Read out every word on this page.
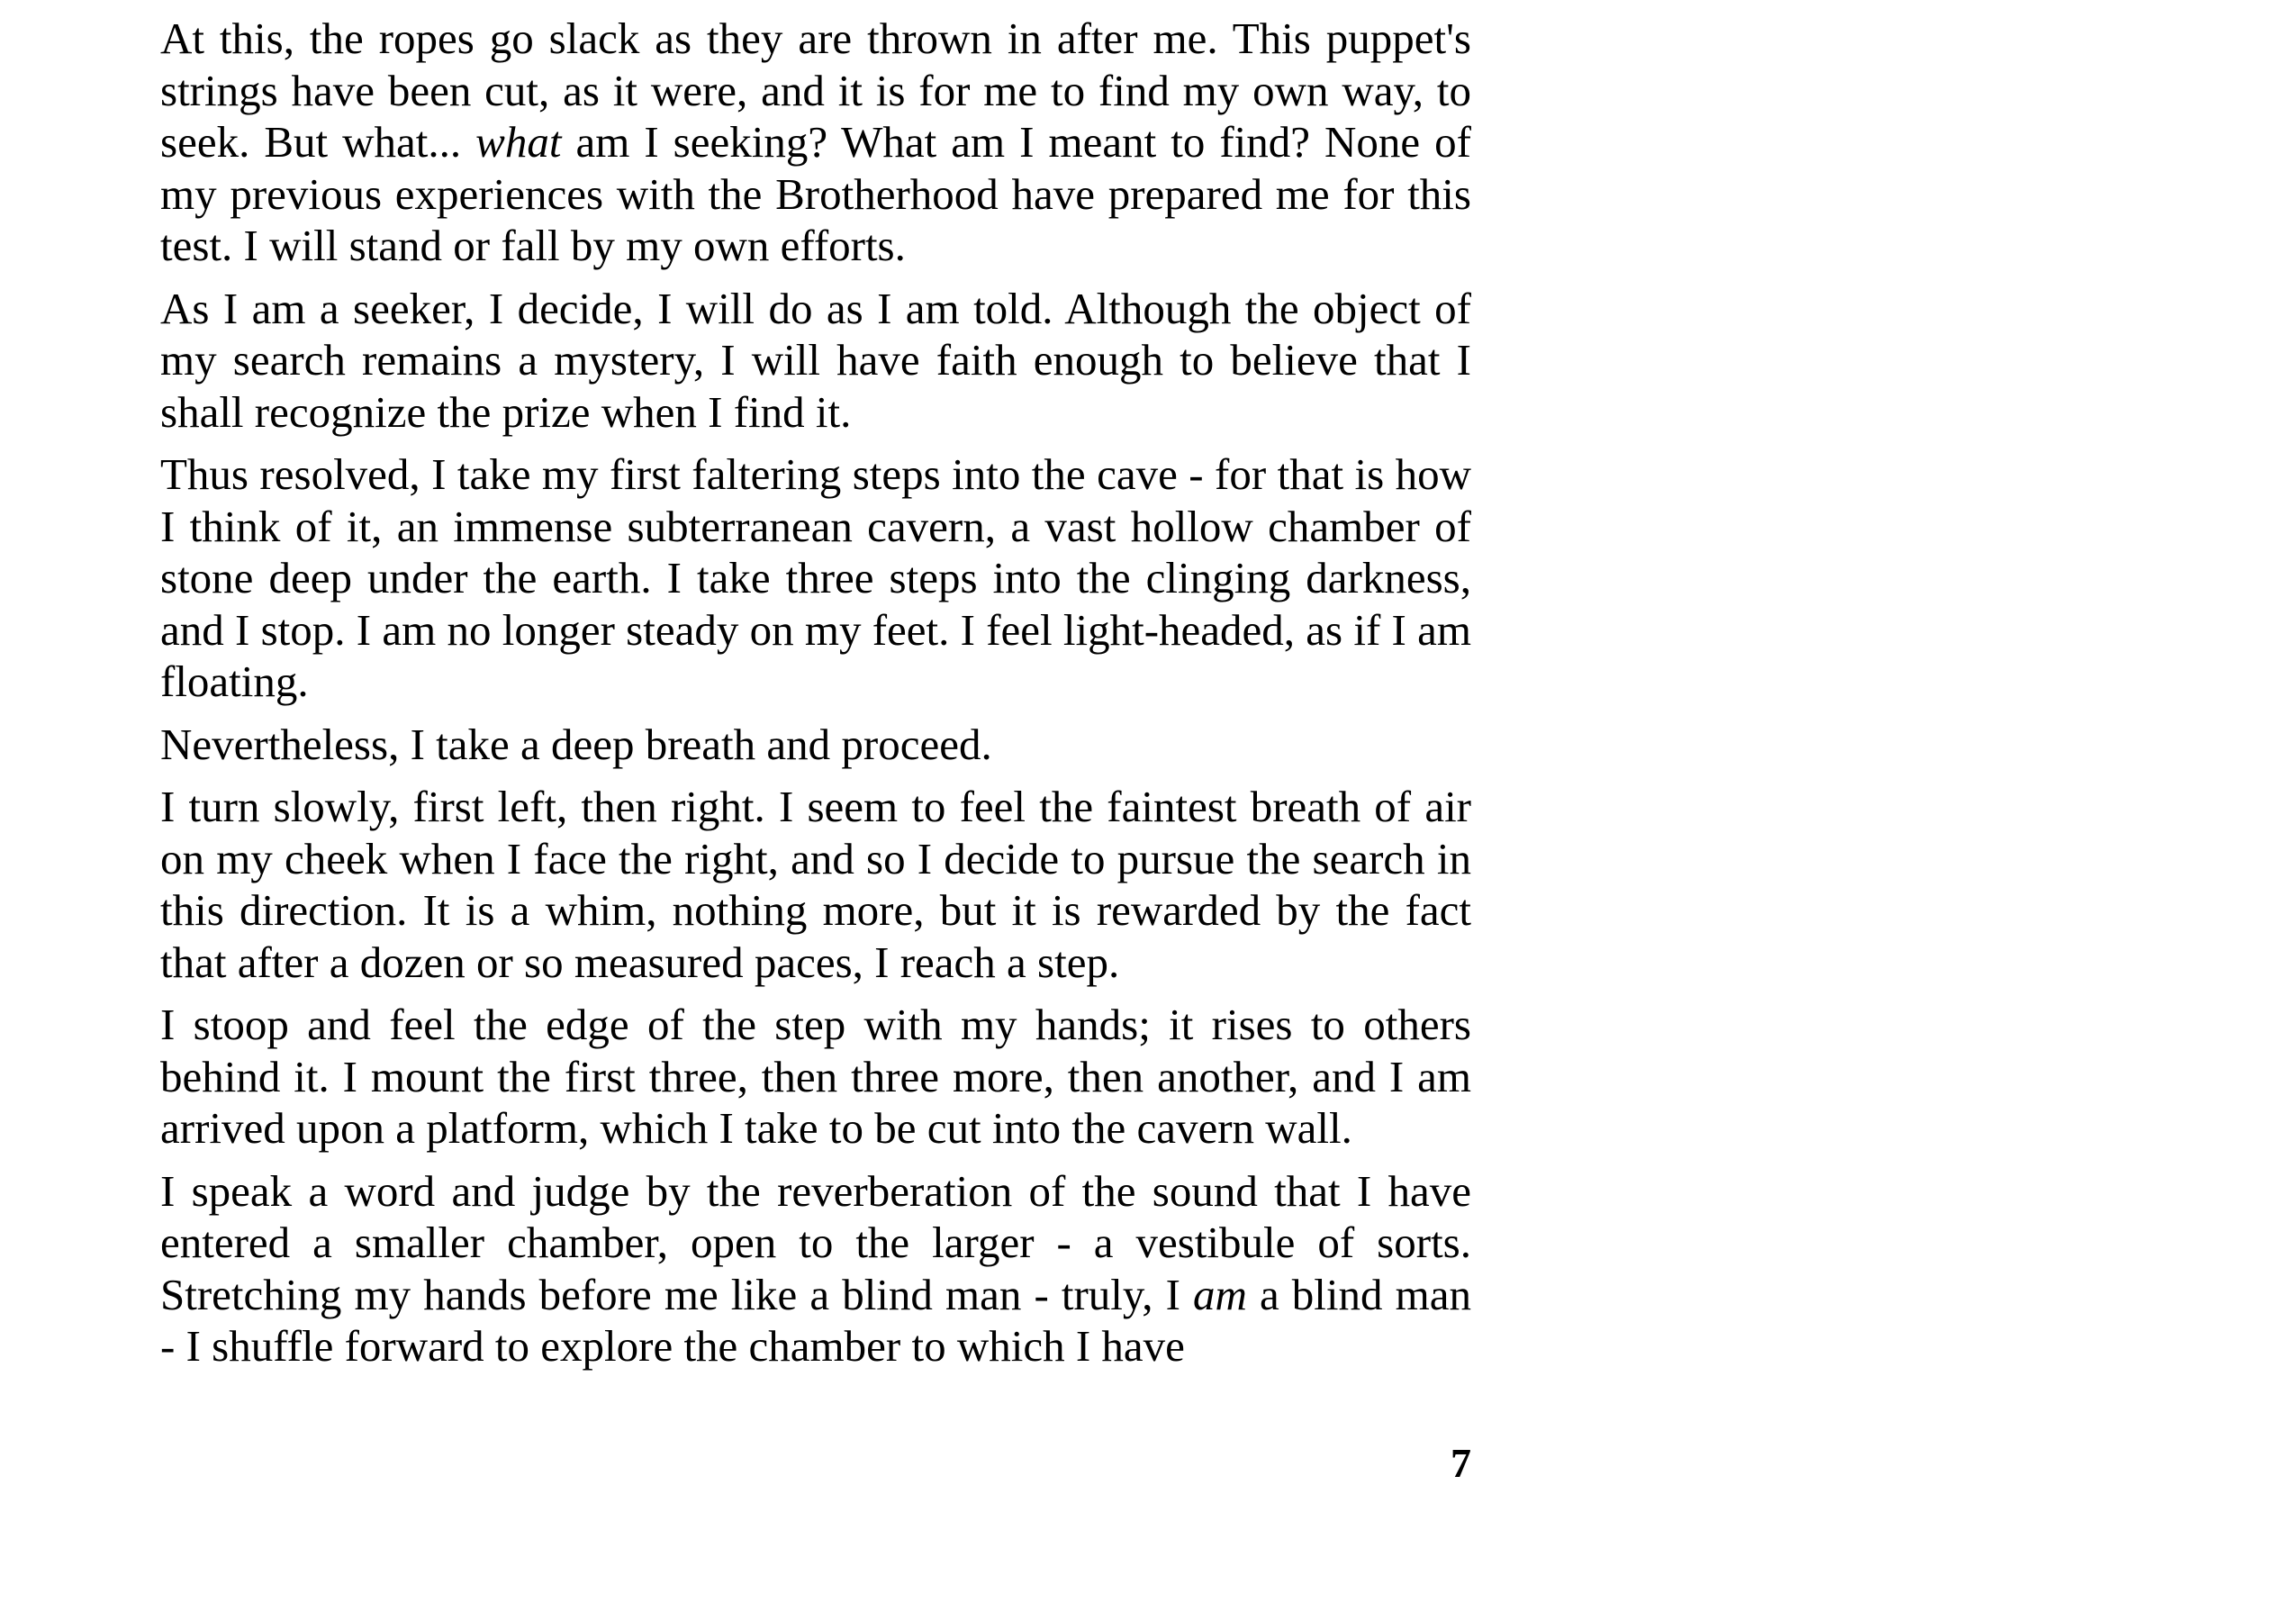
At this, the ropes go slack as they are thrown in after me. This puppet's strings have been cut, as it were, and it is for me to find my own way, to seek. But what... what am I seeking? What am I meant to find? None of my previous experiences with the Brotherhood have prepared me for this test. I will stand or fall by my own efforts.

As I am a seeker, I decide, I will do as I am told. Although the object of my search remains a mystery, I will have faith enough to believe that I shall recognize the prize when I find it.

Thus resolved, I take my first faltering steps into the cave - for that is how I think of it, an immense subterranean cavern, a vast hollow chamber of stone deep under the earth. I take three steps into the clinging darkness, and I stop. I am no longer steady on my feet. I feel light-headed, as if I am floating.

Nevertheless, I take a deep breath and proceed.

I turn slowly, first left, then right. I seem to feel the faintest breath of air on my cheek when I face the right, and so I decide to pursue the search in this direction. It is a whim, nothing more, but it is rewarded by the fact that after a dozen or so measured paces, I reach a step.

I stoop and feel the edge of the step with my hands; it rises to others behind it. I mount the first three, then three more, then another, and I am arrived upon a platform, which I take to be cut into the cavern wall.

I speak a word and judge by the reverberation of the sound that I have entered a smaller chamber, open to the larger - a vestibule of sorts. Stretching my hands before me like a blind man - truly, I am a blind man - I shuffle forward to explore the chamber to which I have

7
